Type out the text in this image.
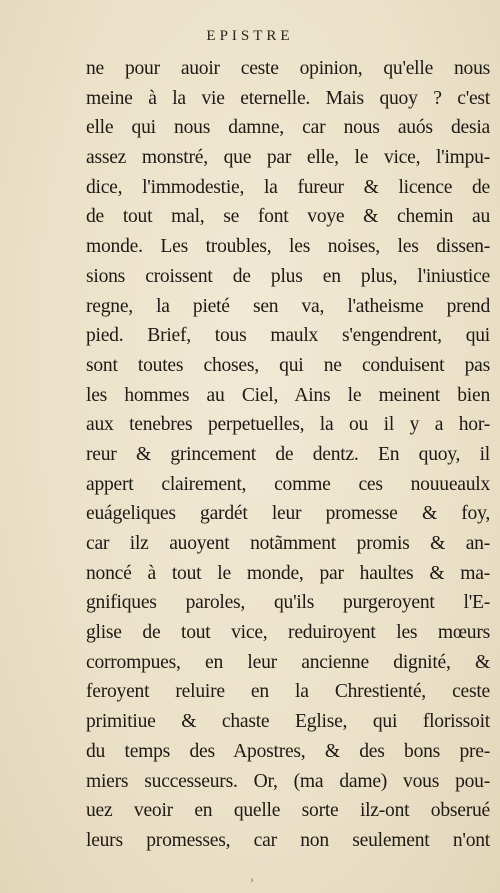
EPISTRE
ne pour auoir ceste opinion, qu'elle nous
meine à la vie eternelle. Mais quoy ? c'est
elle qui nous damne, car nous auós desia
assez monstré, que par elle, le vice, l'impu-
dice, l'immodestie, la fureur & licence de
de tout mal, se font voye & chemin au
monde. Les troubles, les noises, les dissen-
sions croissent de plus en plus, l'iniustice
regne, la pieté sen va, l'atheisme prend
pied. Brief, tous maulx s'engendrent, qui
sont toutes choses, qui ne conduisent pas
les hommes au Ciel, Ains le meinent bien
aux tenebres perpetuelles, la ou il y a hor-
reur & grincement de dentz. En quoy, il
appert clairement, comme ces nouueaulx
euágeliques gardét leur promesse & foy,
car ilz auoyent notãmment promis & an-
noncé à tout le monde, par haultes & ma-
gnifiques paroles, qu'ils purgeroyent l'E-
glise de tout vice, reduiroyent les mœurs
corrompues, en leur ancienne dignité, &
feroyent reluire en la Chrestienté, ceste
primitiue & chaste Eglise, qui florissoit
du temps des Apostres, & des bons pre-
miers successeurs. Or, (ma dame) vous pou-
uez veoir en quelle sorte ilz-ont obserué
leurs promesses, car non seulement n'ont
›
